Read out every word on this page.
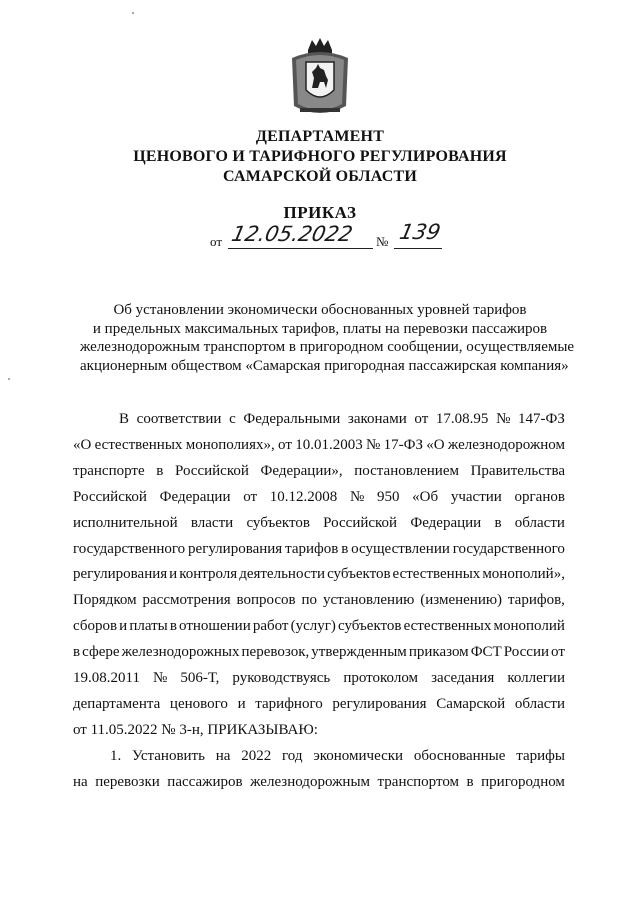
ДЕПАРТАМЕНТ
ЦЕНОВОГО И ТАРИФНОГО РЕГУЛИРОВАНИЯ
САМАРСКОЙ ОБЛАСТИ
ПРИКАЗ
от 12.05.2022 № 139
Об установлении экономически обоснованных уровней тарифов
и предельных максимальных тарифов, платы на перевозки пассажиров
железнодорожным транспортом в пригородном сообщении, осуществляемые
акционерным обществом «Самарская пригородная пассажирская компания»
В соответствии с Федеральными законами от 17.08.95 № 147-ФЗ
«О естественных монополиях», от 10.01.2003 № 17-ФЗ «О железнодорожном
транспорте в Российской Федерации», постановлением Правительства
Российской Федерации от 10.12.2008 № 950 «Об участии органов
исполнительной власти субъектов Российской Федерации в области
государственного регулирования тарифов в осуществлении государственного
регулирования и контроля деятельности субъектов естественных монополий»,
Порядком рассмотрения вопросов по установлению (изменению) тарифов,
сборов и платы в отношении работ (услуг) субъектов естественных монополий
в сфере железнодорожных перевозок, утвержденным приказом ФСТ России от
19.08.2011 № 506-Т, руководствуясь протоколом заседания коллегии
департамента ценового и тарифного регулирования Самарской области
от 11.05.2022 № 3-н, ПРИКАЗЫВАЮ:
1. Установить на 2022 год экономически обоснованные тарифы
на перевозки пассажиров железнодорожным транспортом в пригородном
